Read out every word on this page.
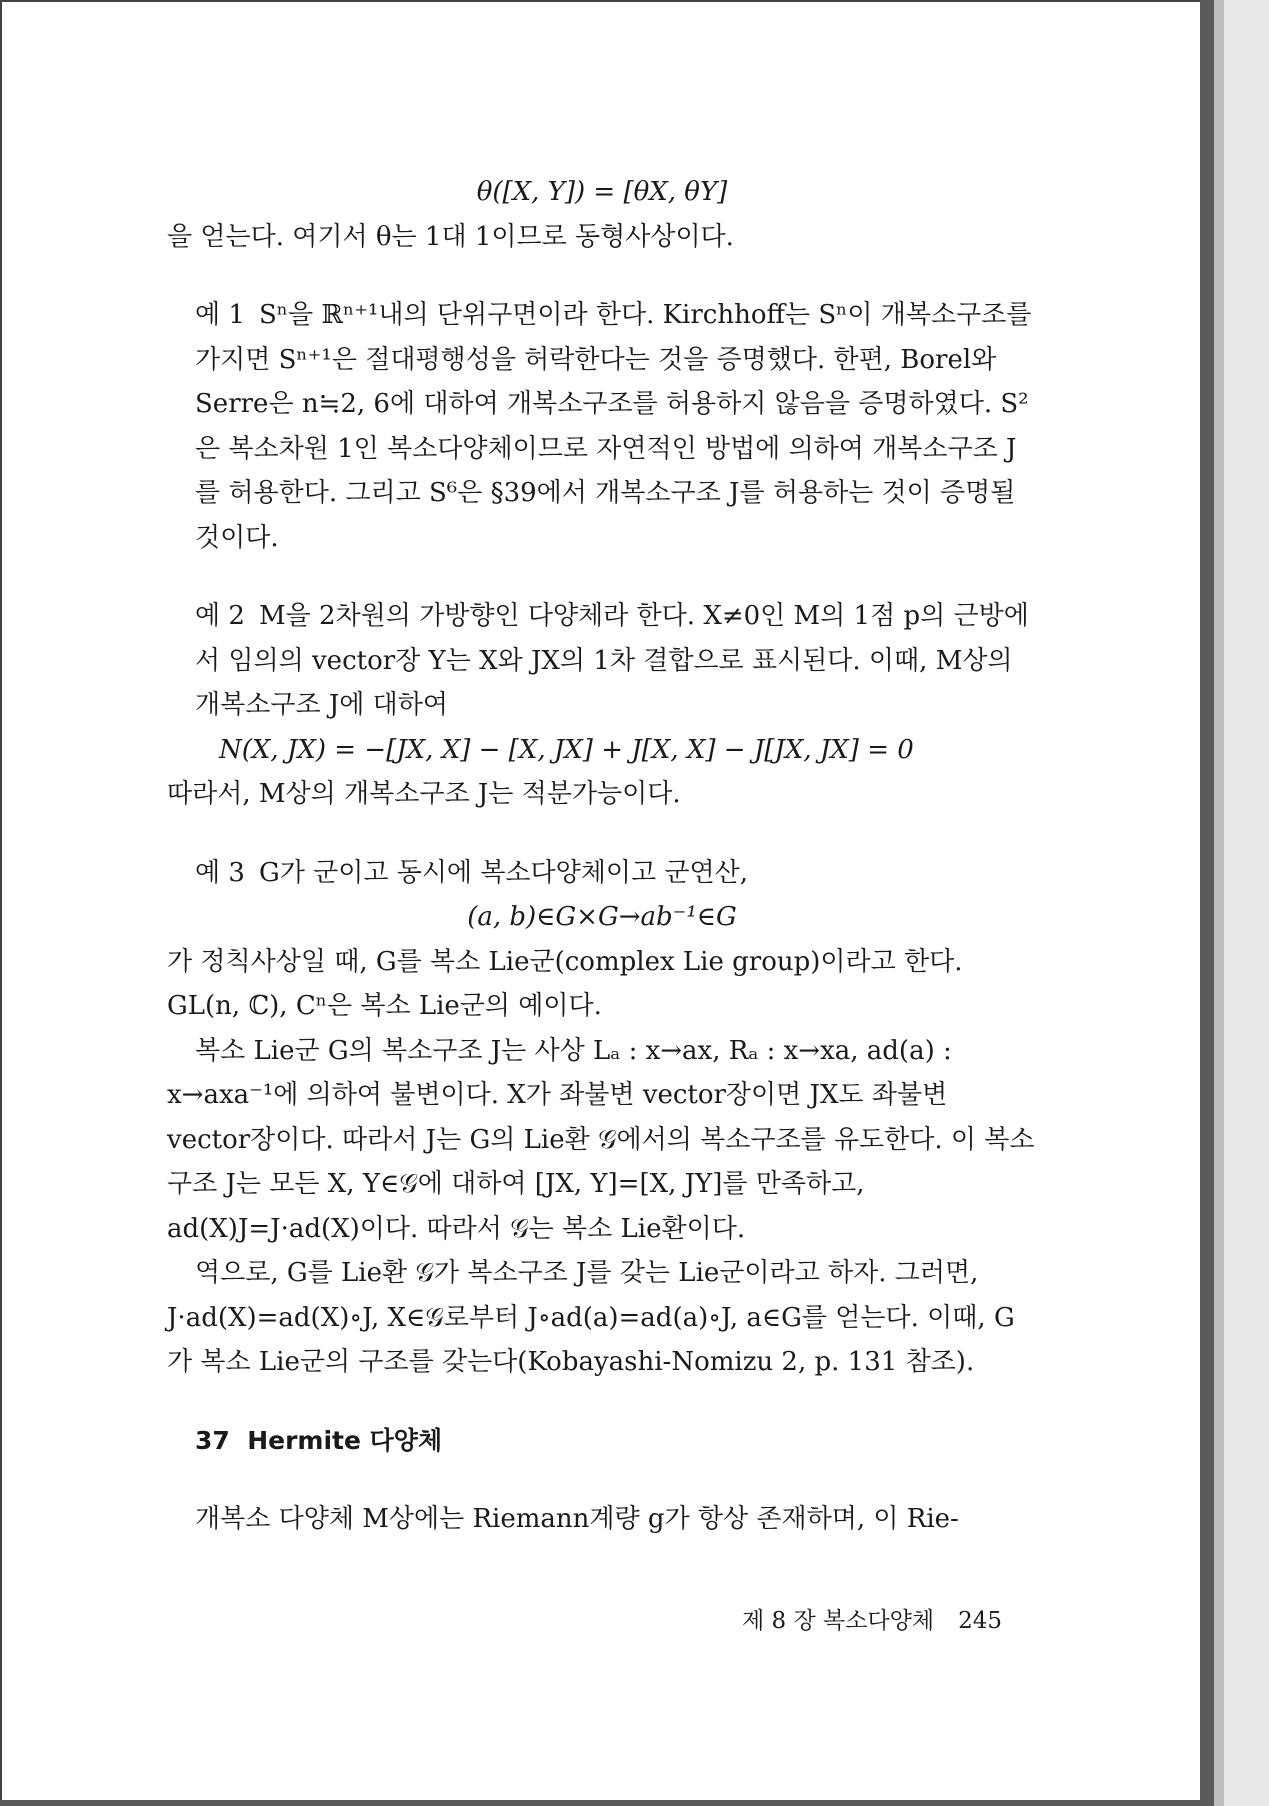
θ([X, Y]) = [θX, θY]

을 얻는다. 여기서 θ는 1대 1이므로 동형사상이다.

예 1 Sⁿ을 ℝⁿ⁺¹내의 단위구면이라 한다. Kirchhoff는 Sⁿ이 개복소구조를 가지면 Sⁿ⁺¹은 절대평행성을 허락한다는 것을 증명했다. 한편, Borel와 Serre은 n≒2, 6에 대하여 개복소구조를 허용하지 않음을 증명하였다. S²은 복소차원 1인 복소다양체이므로 자연적인 방법에 의하여 개복소구조 J를 허용한다. 그리고 S⁶은 §39에서 개복소구조 J를 허용하는 것이 증명될 것이다.

예 2 M을 2차원의 가방향인 다양체라 한다. X≠0인 M의 1점 p의 근방에서 임의의 vector장 Y는 X와 JX의 1차 결합으로 표시된다. 이때, M상의 개복소구조 J에 대하여

N(X, JX) = −[JX, X] − [X, JX] + J[X, X] − J[JX, JX] = 0

따라서, M상의 개복소구조 J는 적분가능이다.

예 3 G가 군이고 동시에 복소다양체이고 군연산,

(a, b)∈G×G→ab⁻¹∈G

가 정칙사상일 때, G를 복소 Lie군(complex Lie group)이라고 한다. GL(n, ℂ), Cⁿ은 복소 Lie군의 예이다.

복소 Lie군 G의 복소구조 J는 사상 Lₐ : x→ax, Rₐ : x→xa, ad(a) : x→axa⁻¹에 의하여 불변이다. X가 좌불변 vector장이면 JX도 좌불변 vector장이다. 따라서 J는 G의 Lie환 𝒢에서의 복소구조를 유도한다. 이 복소구조 J는 모든 X, Y∈𝒢에 대하여 [JX, Y]=[X, JY]를 만족하고, ad(X)J=J·ad(X)이다. 따라서 𝒢는 복소 Lie환이다.

역으로, G를 Lie환 𝒢가 복소구조 J를 갖는 Lie군이라고 하자. 그러면, J·ad(X)=ad(X)∘J, X∈𝒢로부터 J∘ad(a)=ad(a)∘J, a∈G를 얻는다. 이때, G가 복소 Lie군의 구조를 갖는다(Kobayashi-Nomizu 2, p. 131 참조).

37 Hermite 다양체

개복소 다양체 M상에는 Riemann계량 g가 항상 존재하며, 이 Rie-

제 8 장 복소다양체 245
